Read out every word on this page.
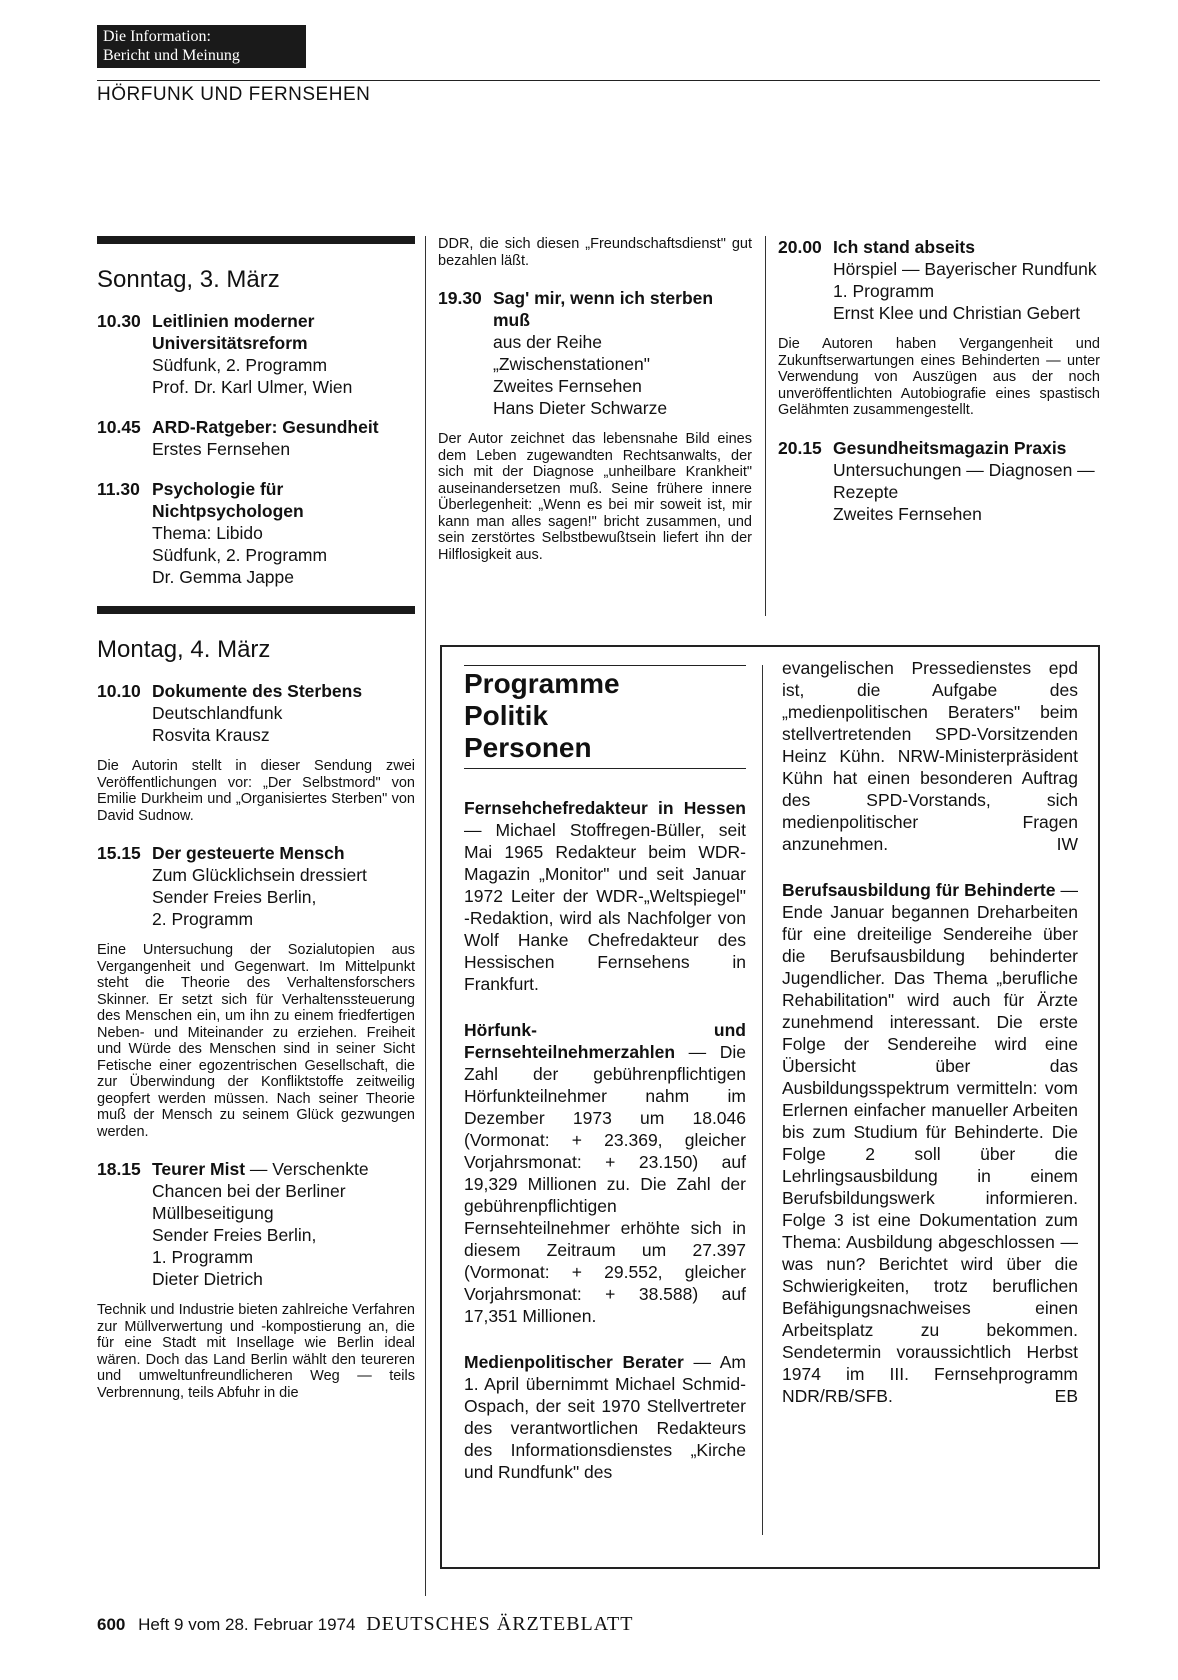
Die Information:
Bericht und Meinung
HÖRFUNK UND FERNSEHEN
Sonntag, 3. März
10.30 Leitlinien moderner Universitätsreform
Südfunk, 2. Programm
Prof. Dr. Karl Ulmer, Wien
10.45 ARD-Ratgeber: Gesundheit
Erstes Fernsehen
11.30 Psychologie für Nichtpsychologen
Thema: Libido
Südfunk, 2. Programm
Dr. Gemma Jappe
Montag, 4. März
10.10 Dokumente des Sterbens
Deutschlandfunk
Rosvita Krausz

Die Autorin stellt in dieser Sendung zwei Veröffentlichungen vor: „Der Selbstmord" von Emilie Durkheim und „Organisiertes Sterben" von David Sudnow.

15.15 Der gesteuerte Mensch
Zum Glücklichsein dressiert
Sender Freies Berlin,
2. Programm

Eine Untersuchung der Sozialutopien aus Vergangenheit und Gegenwart. Im Mittelpunkt steht die Theorie des Verhaltensforschers Skinner. Er setzt sich für Verhaltenssteuerung des Menschen ein, um ihn zu einem friedfertigen Neben- und Miteinander zu erziehen. Freiheit und Würde des Menschen sind in seiner Sicht Fetische einer egozentrischen Gesellschaft, die zur Überwindung der Konfliktstoffe zeitweilig geopfert werden müssen. Nach seiner Theorie muß der Mensch zu seinem Glück gezwungen werden.

18.15 Teurer Mist — Verschenkte Chancen bei der Berliner Müllbeseitigung
Sender Freies Berlin,
1. Programm
Dieter Dietrich

Technik und Industrie bieten zahlreiche Verfahren zur Müllverwertung und -kompostierung an, die für eine Stadt mit Insellage wie Berlin ideal wären. Doch das Land Berlin wählt den teureren und umweltunfreundlicheren Weg — teils Verbrennung, teils Abfuhr in die

DDR, die sich diesen „Freundschaftsdienst" gut bezahlen läßt.

19.30 Sag' mir, wenn ich sterben muß
aus der Reihe
„Zwischenstationen"
Zweites Fernsehen
Hans Dieter Schwarze

Der Autor zeichnet das lebensnahe Bild eines dem Leben zugewandten Rechtsanwalts, der sich mit der Diagnose „unheilbare Krankheit" auseinandersetzen muß. Seine frühere innere Überlegenheit: „Wenn es bei mir soweit ist, mir kann man alles sagen!" bricht zusammen, und sein zerstörtes Selbstbewußtsein liefert ihn der Hilflosigkeit aus.

20.00 Ich stand abseits
Hörspiel — Bayerischer Rundfunk
1. Programm
Ernst Klee und Christian Gebert

Die Autoren haben Vergangenheit und Zukunftserwartungen eines Behinderten — unter Verwendung von Auszügen aus der noch unveröffentlichten Autobiografie eines spastisch Gelähmten zusammengestellt.

20.15 Gesundheitsmagazin Praxis
Untersuchungen — Diagnosen — Rezepte
Zweites Fernsehen
Programme
Politik
Personen
Fernsehchefredakteur in Hessen — Michael Stoffregen-Büller, seit Mai 1965 Redakteur beim WDR-Magazin „Monitor" und seit Januar 1972 Leiter der WDR-„Weltspiegel" -Redaktion, wird als Nachfolger von Wolf Hanke Chefredakteur des Hessischen Fernsehens in Frankfurt.
Hörfunk- und Fernsehteilnehmerzahlen — Die Zahl der gebührenpflichtigen Hörfunkteilnehmer nahm im Dezember 1973 um 18.046 (Vormonat: + 23.369, gleicher Vorjahrsmonat: + 23.150) auf 19,329 Millionen zu. Die Zahl der gebührenpflichtigen Fernsehteilnehmer erhöhte sich in diesem Zeitraum um 27.397 (Vormonat: + 29.552, gleicher Vorjahrsmonat: + 38.588) auf 17,351 Millionen.
Medienpolitischer Berater — Am 1. April übernimmt Michael Schmid-Ospach, der seit 1970 Stellvertreter des verantwortlichen Redakteurs des Informationsdienstes „Kirche und Rundfunk" des
evangelischen Pressedienstes epd ist, die Aufgabe des „medienpolitischen Beraters" beim stellvertretenden SPD-Vorsitzenden Heinz Kühn. NRW-Ministerpräsident Kühn hat einen besonderen Auftrag des SPD-Vorstands, sich medienpolitischer Fragen anzunehmen.	IW
Berufsausbildung für Behinderte — Ende Januar begannen Dreharbeiten für eine dreiteilige Sendereihe über die Berufsausbildung behinderter Jugendlicher. Das Thema „berufliche Rehabilitation" wird auch für Ärzte zunehmend interessant. Die erste Folge der Sendereihe wird eine Übersicht über das Ausbildungsspektrum vermitteln: vom Erlernen einfacher manueller Arbeiten bis zum Studium für Behinderte. Die Folge 2 soll über die Lehrlingsausbildung in einem Berufsbildungswerk informieren. Folge 3 ist eine Dokumentation zum Thema: Ausbildung abgeschlossen — was nun? Berichtet wird über die Schwierigkeiten, trotz beruflichen Befähigungsnachweises einen Arbeitsplatz zu bekommen. Sendetermin voraussichtlich Herbst 1974 im III. Fernsehprogramm NDR/RB/SFB.	EB
600 Heft 9 vom 28. Februar 1974 DEUTSCHES ÄRZTEBLATT
